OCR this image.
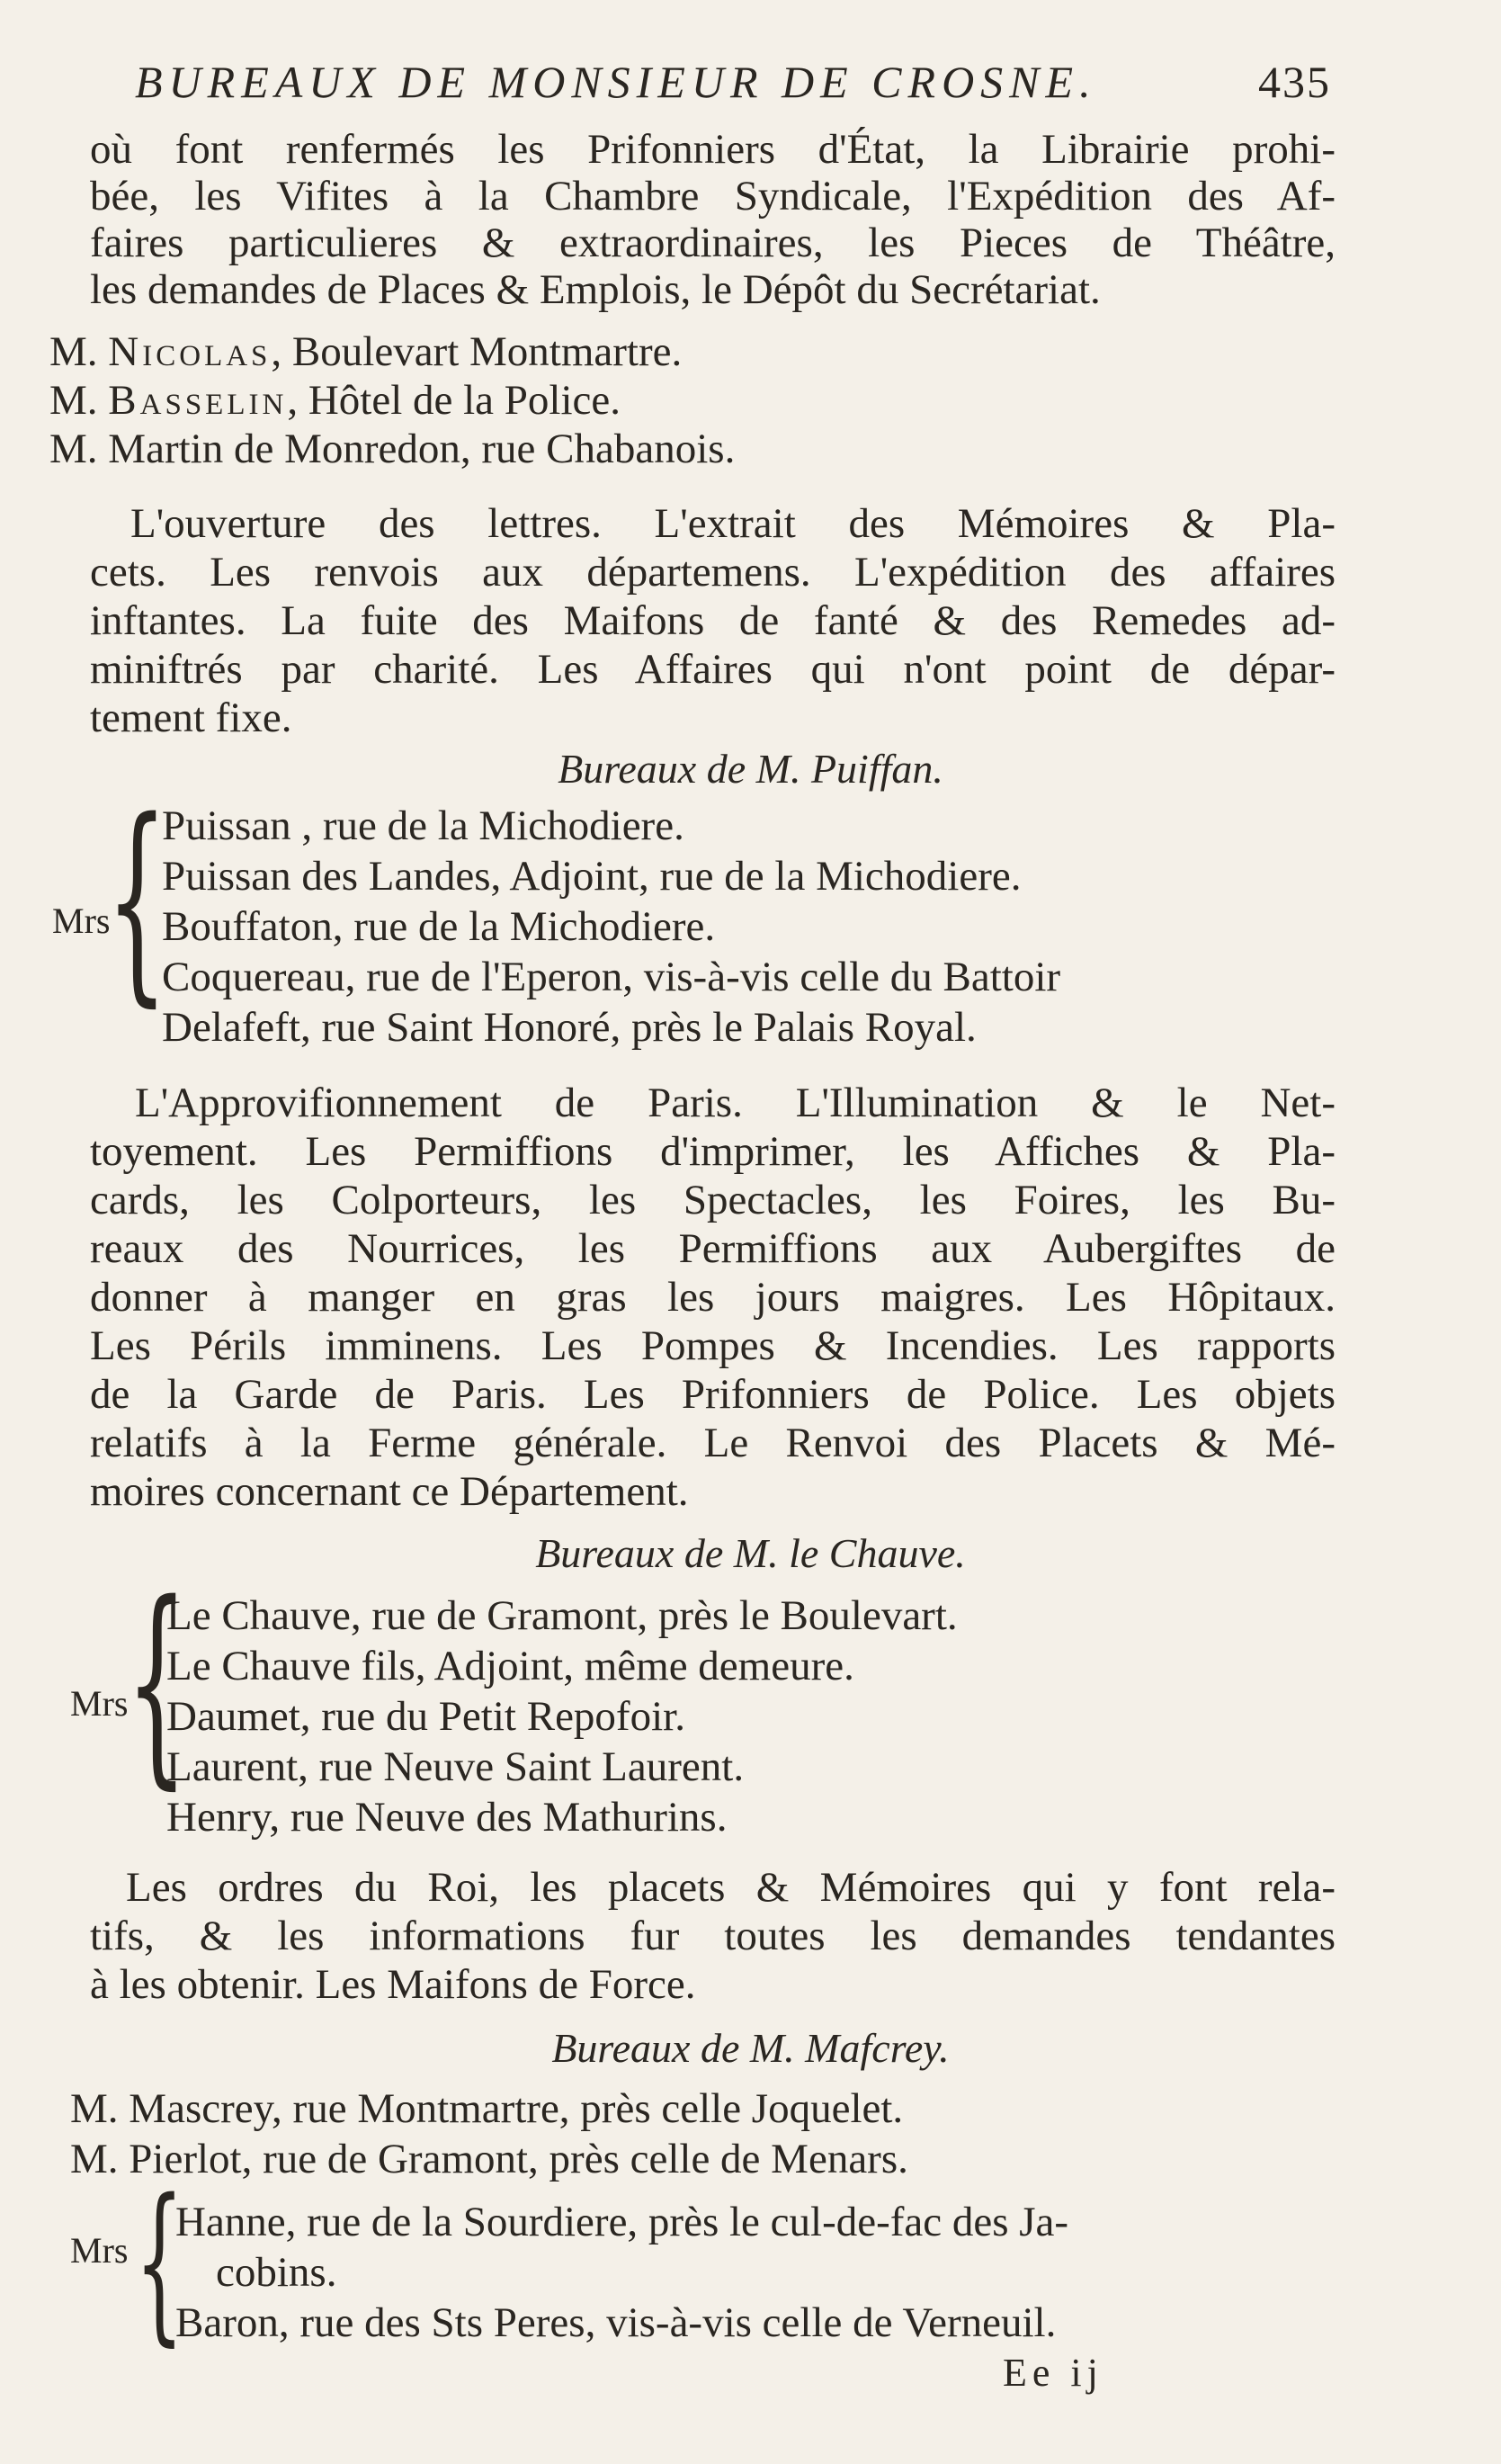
BUREAUX DE MONSIEUR DE CROSNE.	435
où font renfermés les Prifonniers d'État, la Librairie prohi-
bée, les Vifites à la Chambre Syndicale, l'Expédition des Af-
faires particulieres & extraordinaires, les Pieces de Théâtre,
les demandes de Places & Emplois, le Dépôt du Secrétariat.
M. Nicolas, Boulevart Montmartre.
M. Basselin, Hôtel de la Police.
M. Martin de Monredon, rue Chabanois.
L'ouverture des lettres. L'extrait des Mémoires & Pla-
cets. Les renvois aux départemens. L'expédition des affaires
inftantes. La fuite des Maifons de fanté & des Remedes ad-
miniftrés par charité. Les Affaires qui n'ont point de dépar-
tement fixe.
Bureaux de M. Puiffan.
Mrs
{
Puissan , rue de la Michodiere.
Puissan des Landes, Adjoint, rue de la Michodiere.
Bouffaton, rue de la Michodiere.
Coquereau, rue de l'Eperon, vis-à-vis celle du Battoir
Delafeft, rue Saint Honoré, près le Palais Royal.
L'Approvifionnement de Paris. L'Illumination & le Net-
toyement. Les Permiffions d'imprimer, les Affiches & Pla-
cards, les Colporteurs, les Spectacles, les Foires, les Bu-
reaux des Nourrices, les Permiffions aux Aubergiftes de
donner à manger en gras les jours maigres. Les Hôpitaux.
Les Périls imminens. Les Pompes & Incendies. Les rapports
de la Garde de Paris. Les Prifonniers de Police. Les objets
relatifs à la Ferme générale. Le Renvoi des Placets & Mé-
moires concernant ce Département.
Bureaux de M. le Chauve.
Mrs
{
Le Chauve, rue de Gramont, près le Boulevart.
Le Chauve fils, Adjoint, même demeure.
Daumet, rue du Petit Repofoir.
Laurent, rue Neuve Saint Laurent.
Henry, rue Neuve des Mathurins.
Les ordres du Roi, les placets & Mémoires qui y font rela-
tifs, & les informations fur toutes les demandes tendantes
à les obtenir. Les Maifons de Force.
Bureaux de M. Mafcrey.
M. Mascrey, rue Montmartre, près celle Joquelet.
M. Pierlot, rue de Gramont, près celle de Menars.
Mrs {
Hanne, rue de la Sourdiere, près le cul-de-fac des Ja-
cobins.
Baron, rue des Sts Peres, vis-à-vis celle de Verneuil.
Ee ij
